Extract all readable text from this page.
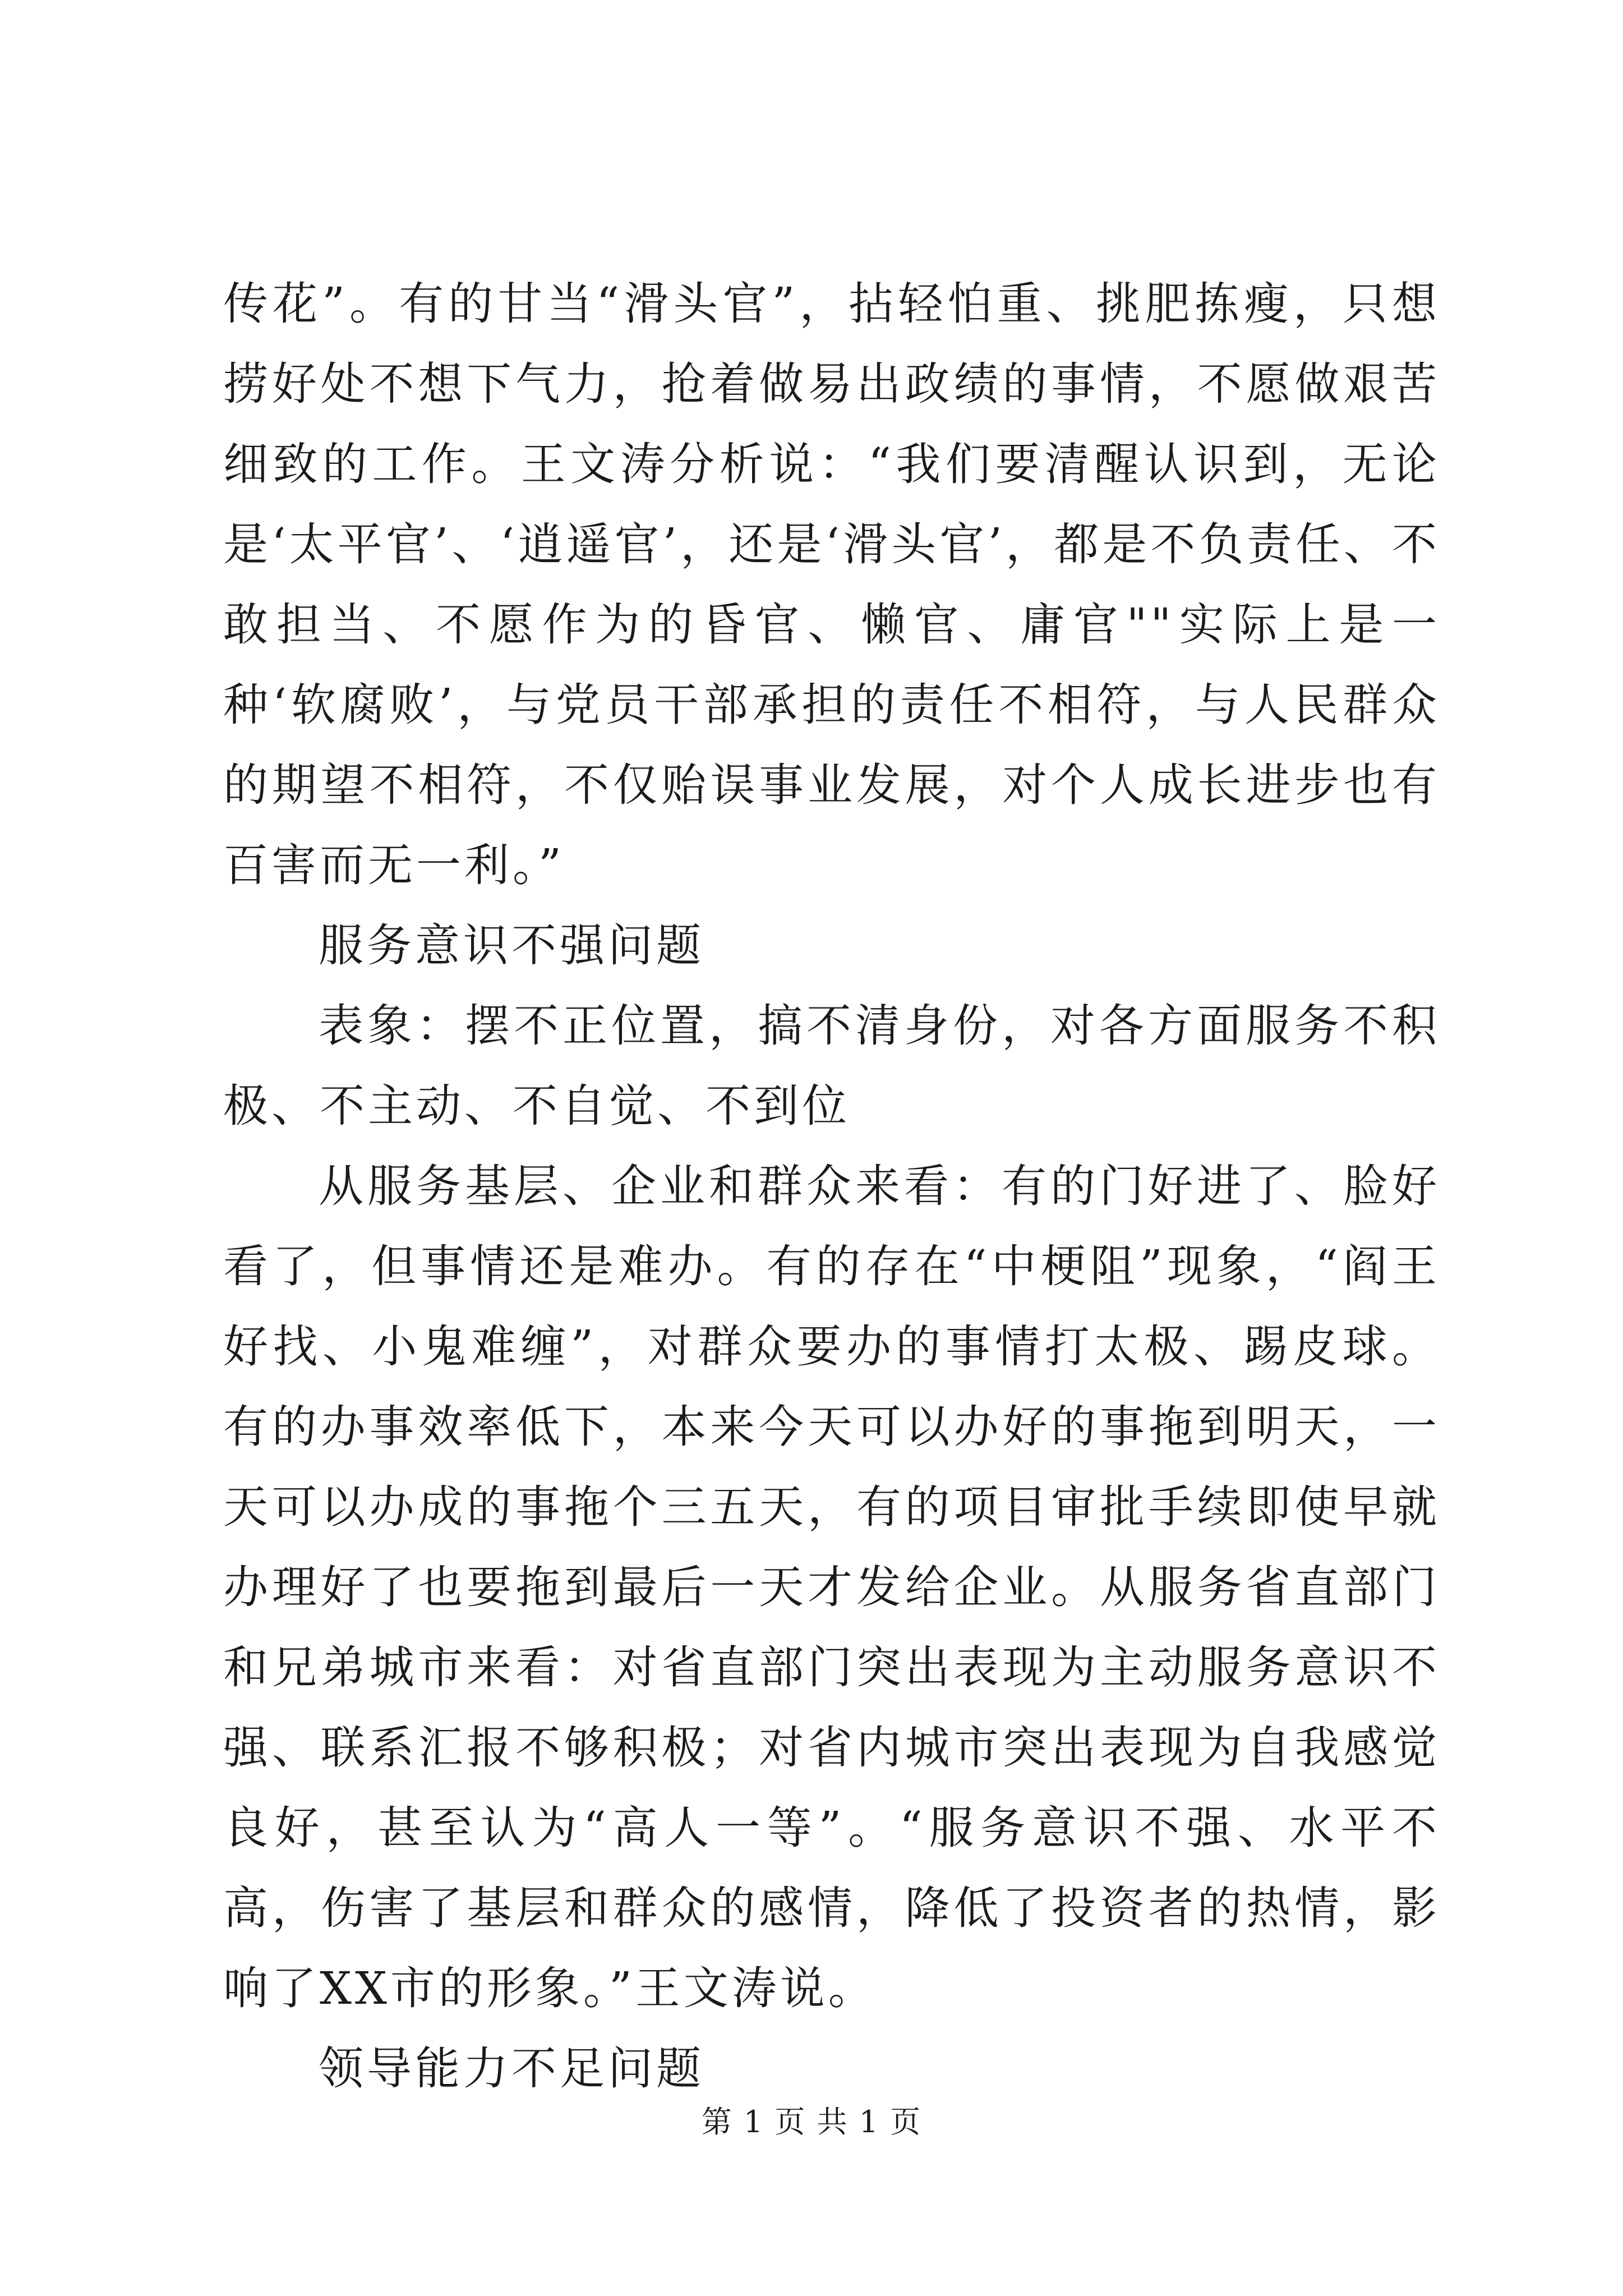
传花”。有的甘当“滑头官”，拈轻怕重、挑肥拣瘦，只想捞好处不想下气力，抢着做易出政绩的事情，不愿做艰苦细致的工作。王文涛分析说：“我们要清醒认识到，无论是‘太平官’、‘逍遥官’，还是‘滑头官’，都是不负责任、不敢担当、不愿作为的昏官、懒官、庸官""实际上是一种‘软腐败’，与党员干部承担的责任不相符，与人民群众的期望不相符，不仅贻误事业发展，对个人成长进步也有百害而无一利。”

服务意识不强问题

表象：摆不正位置，搞不清身份，对各方面服务不积极、不主动、不自觉、不到位

从服务基层、企业和群众来看：有的门好进了、脸好看了，但事情还是难办。有的存在“中梗阻”现象，“阎王好找、小鬼难缠”，对群众要办的事情打太极、踢皮球。有的办事效率低下，本来今天可以办好的事拖到明天，一天可以办成的事拖个三五天，有的项目审批手续即使早就办理好了也要拖到最后一天才发给企业。从服务省直部门和兄弟城市来看：对省直部门突出表现为主动服务意识不强、联系汇报不够积极；对省内城市突出表现为自我感觉良好，甚至认为“高人一等”。“服务意识不强、水平不高，伤害了基层和群众的感情，降低了投资者的热情，影响了XX市的形象。”王文涛说。

领导能力不足问题

第 1 页 共 1 页
